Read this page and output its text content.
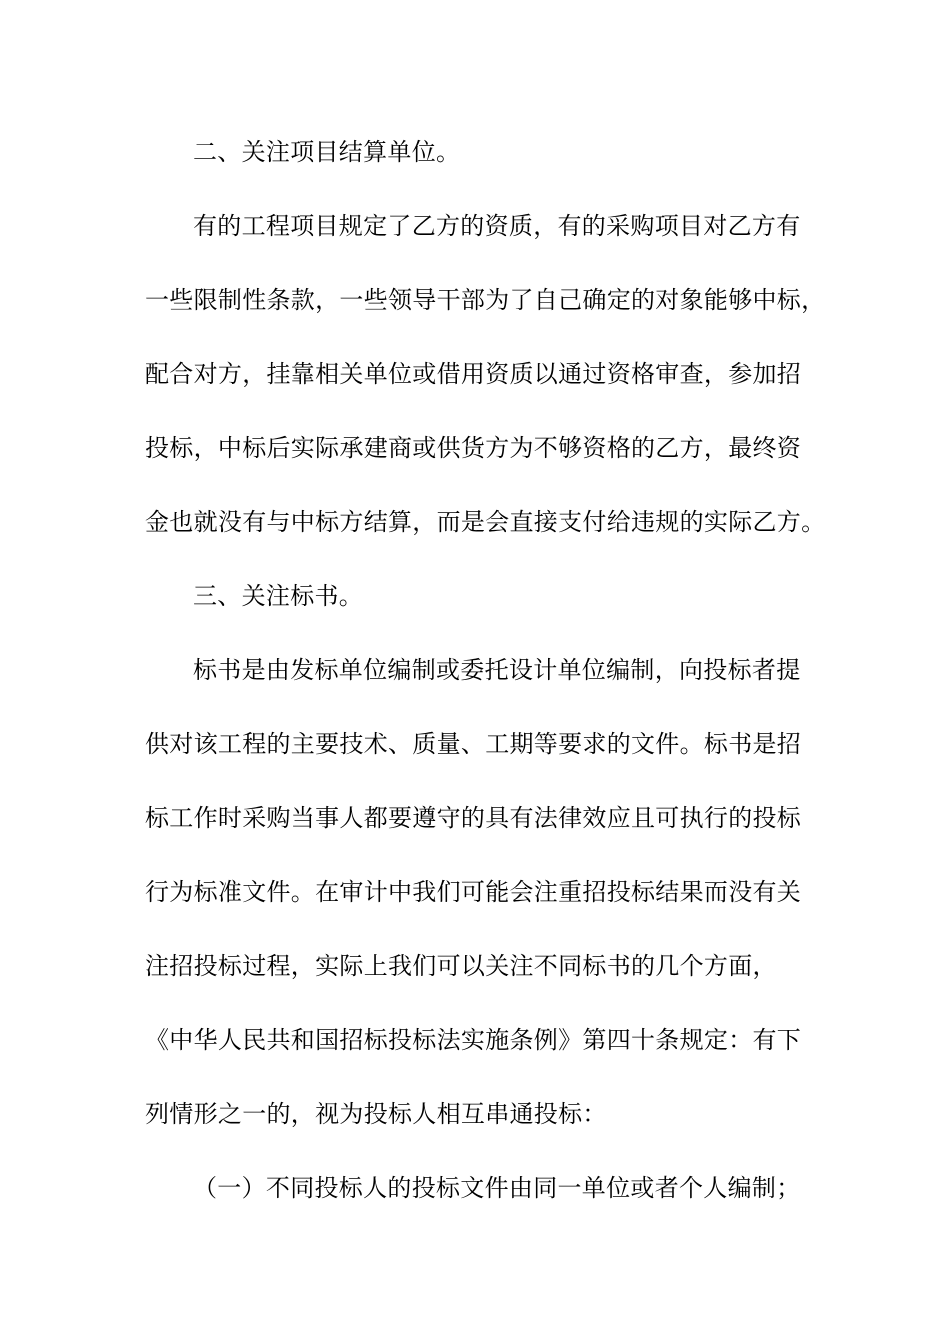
二、关注项目结算单位。
有的工程项目规定了乙方的资质，有的采购项目对乙方有
一些限制性条款，一些领导干部为了自己确定的对象能够中标，
配合对方，挂靠相关单位或借用资质以通过资格审查，参加招
投标，中标后实际承建商或供货方为不够资格的乙方，最终资
金也就没有与中标方结算，而是会直接支付给违规的实际乙方。
三、关注标书。
标书是由发标单位编制或委托设计单位编制，向投标者提
供对该工程的主要技术、质量、工期等要求的文件。标书是招
标工作时采购当事人都要遵守的具有法律效应且可执行的投标
行为标准文件。在审计中我们可能会注重招投标结果而没有关
注招投标过程，实际上我们可以关注不同标书的几个方面，
《中华人民共和国招标投标法实施条例》第四十条规定：有下
列情形之一的，视为投标人相互串通投标：
（一）不同投标人的投标文件由同一单位或者个人编制；
